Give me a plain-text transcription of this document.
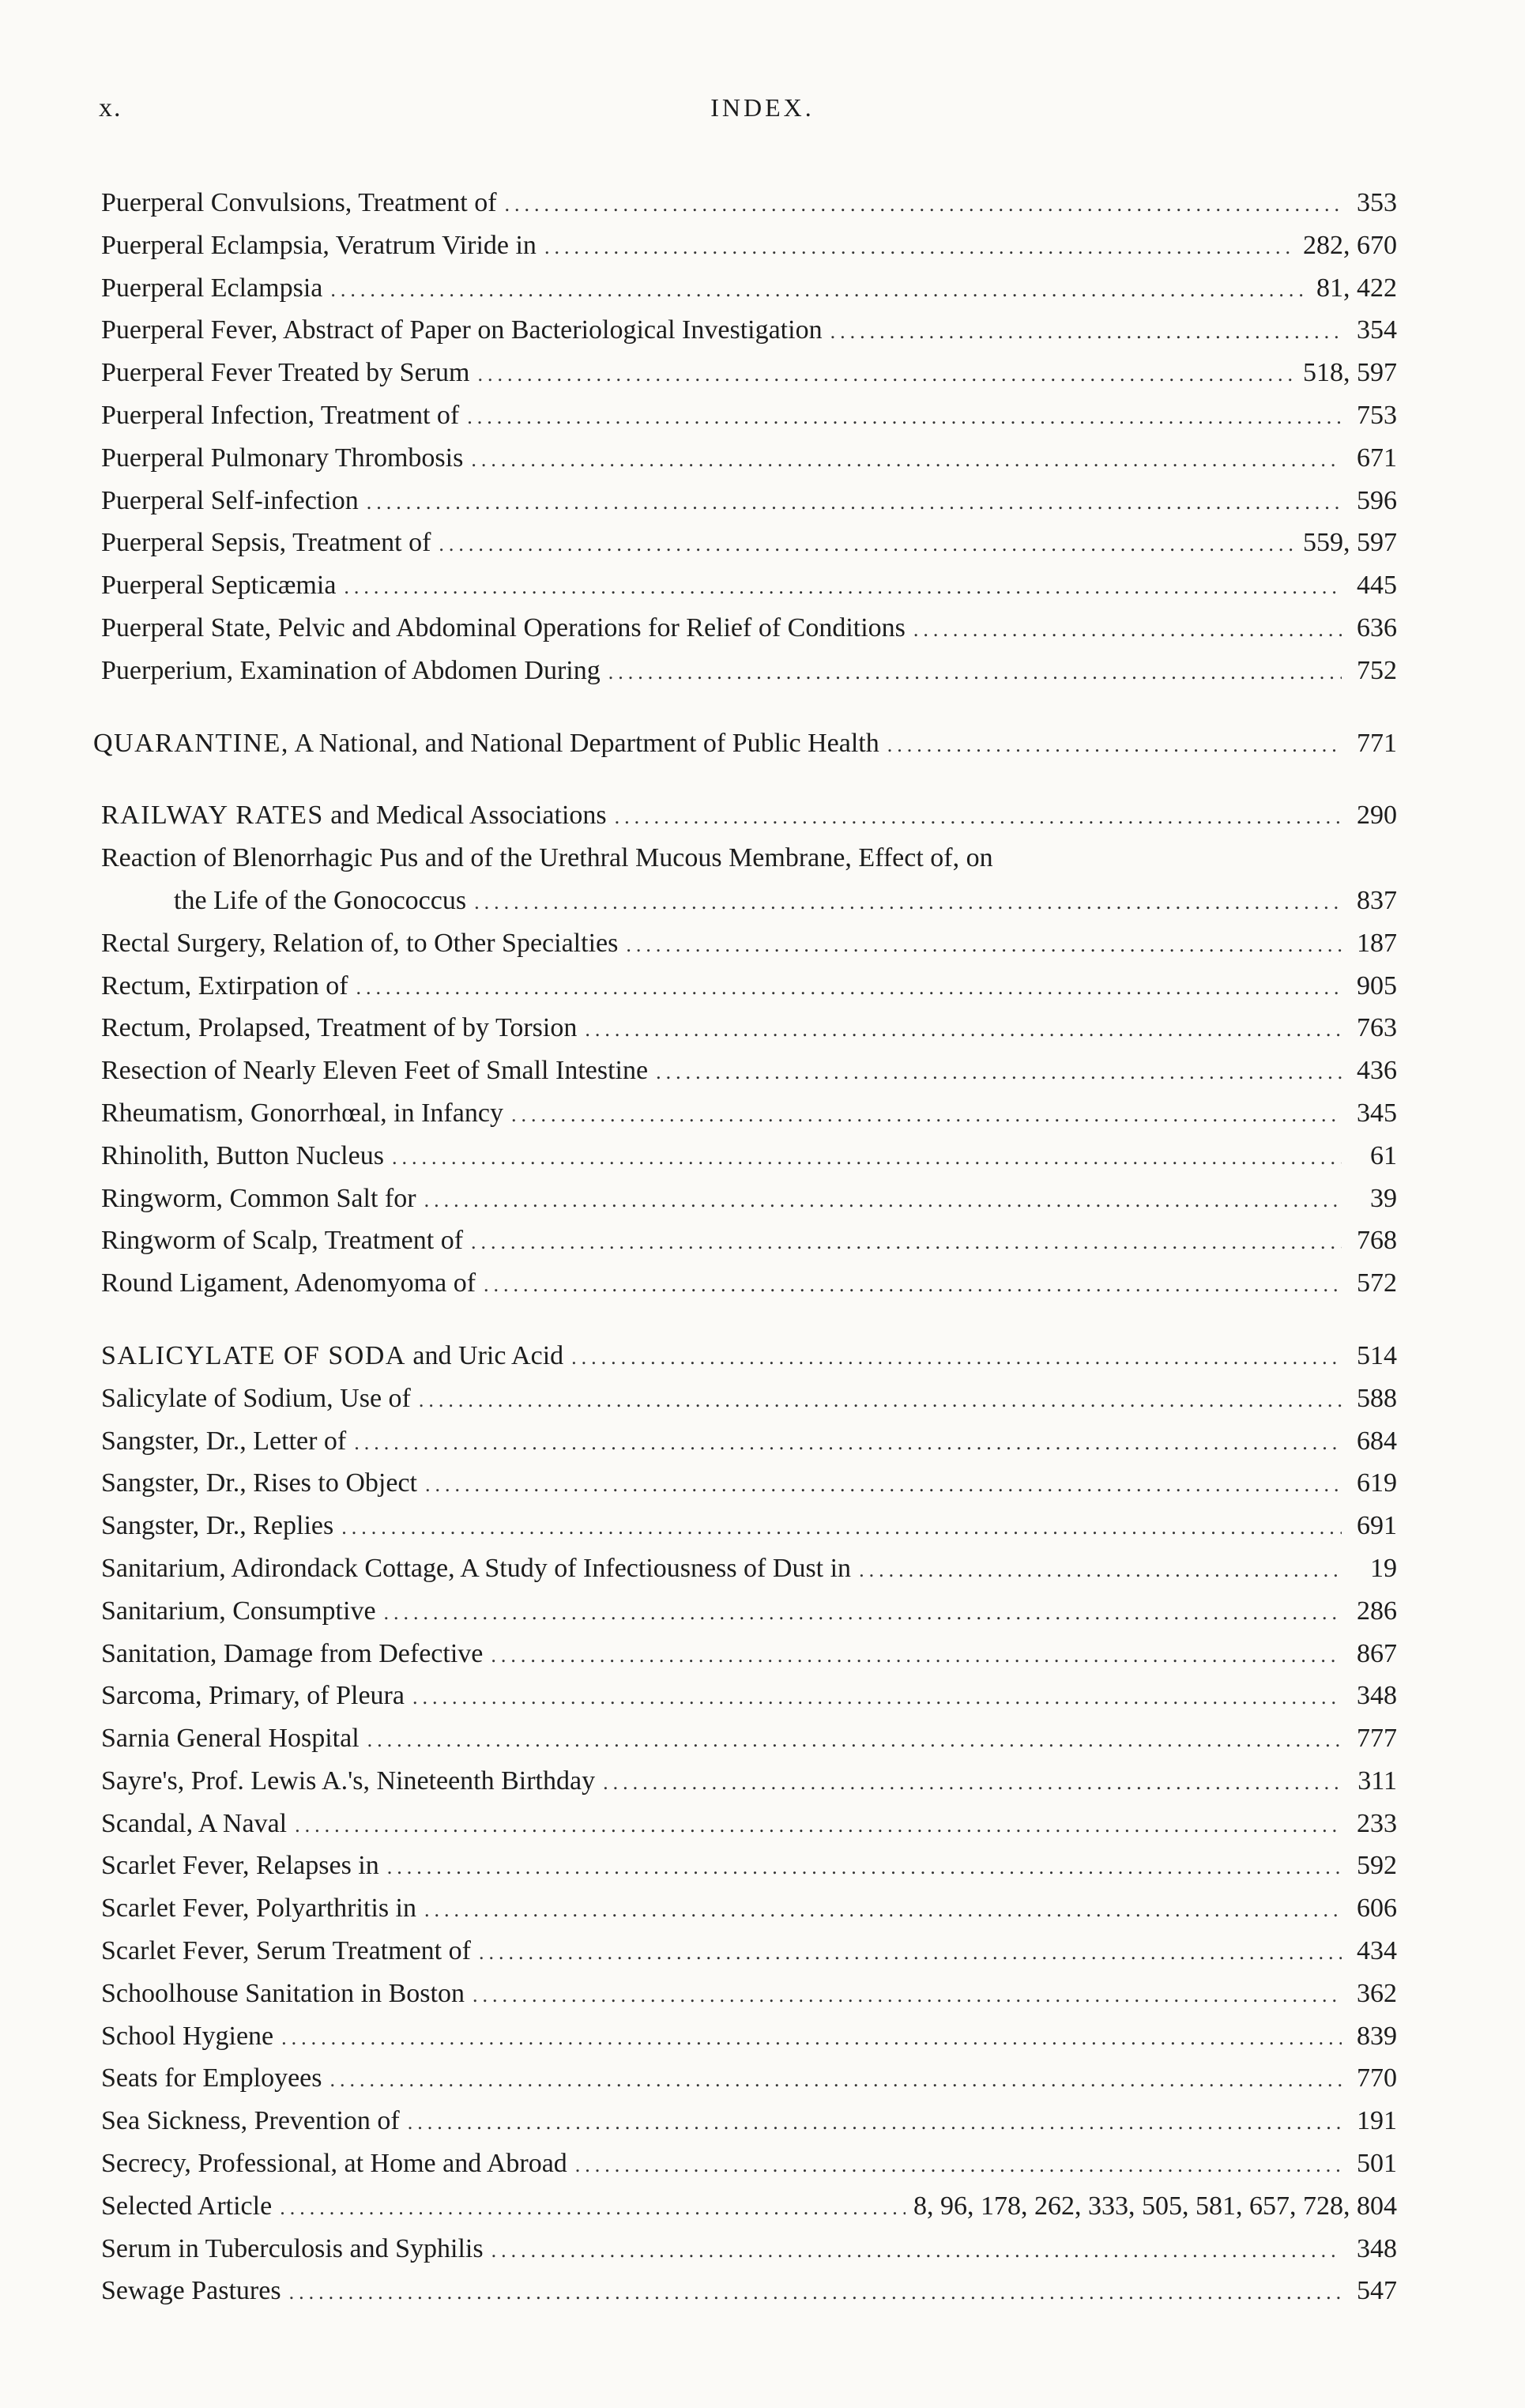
x.	INDEX.
Puerperal Convulsions, Treatment of .....	353
Puerperal Eclampsia, Veratrum Viride in .....	282, 670
Puerperal Eclampsia .....	81, 422
Puerperal Fever, Abstract of Paper on Bacteriological Investigation .....	354
Puerperal Fever Treated by Serum .....	518, 597
Puerperal Infection, Treatment of .....	753
Puerperal Pulmonary Thrombosis .....	671
Puerperal Self-infection .....	596
Puerperal Sepsis, Treatment of .....	559, 597
Puerperal Septicæmia .....	445
Puerperal State, Pelvic and Abdominal Operations for Relief of Conditions .....	636
Puerperium, Examination of Abdomen During .....	752
QUARANTINE, A National, and National Department of Public Health .....	771
RAILWAY RATES and Medical Associations .....	290
Reaction of Blenorrhagic Pus and of the Urethral Mucous Membrane, Effect of, on
the Life of the Gonococcus .....	837
Rectal Surgery, Relation of, to Other Specialties .....	187
Rectum, Extirpation of .....	905
Rectum, Prolapsed, Treatment of by Torsion .....	763
Resection of Nearly Eleven Feet of Small Intestine .....	436
Rheumatism, Gonorrhœal, in Infancy .....	345
Rhinolith, Button Nucleus .....	61
Ringworm, Common Salt for .....	39
Ringworm of Scalp, Treatment of .....	768
Round Ligament, Adenomyoma of .....	572
SALICYLATE OF SODA and Uric Acid .....	514
Salicylate of Sodium, Use of .....	588
Sangster, Dr., Letter of .....	684
Sangster, Dr., Rises to Object .....	619
Sangster, Dr., Replies .....	691
Sanitarium, Adirondack Cottage, A Study of Infectiousness of Dust in .....	19
Sanitarium, Consumptive .....	286
Sanitation, Damage from Defective .....	867
Sarcoma, Primary, of Pleura .....	348
Sarnia General Hospital .....	777
Sayre's, Prof. Lewis A.'s, Nineteenth Birthday .....	311
Scandal, A Naval .....	233
Scarlet Fever, Relapses in .....	592
Scarlet Fever, Polyarthritis in .....	606
Scarlet Fever, Serum Treatment of .....	434
Schoolhouse Sanitation in Boston .....	362
School Hygiene .....	839
Seats for Employees .....	770
Sea Sickness, Prevention of .....	191
Secrecy, Professional, at Home and Abroad .....	501
Selected Article .....	8, 96, 178, 262, 333, 505, 581, 657, 728, 804
Serum in Tuberculosis and Syphilis .....	348
Sewage Pastures .....	547
